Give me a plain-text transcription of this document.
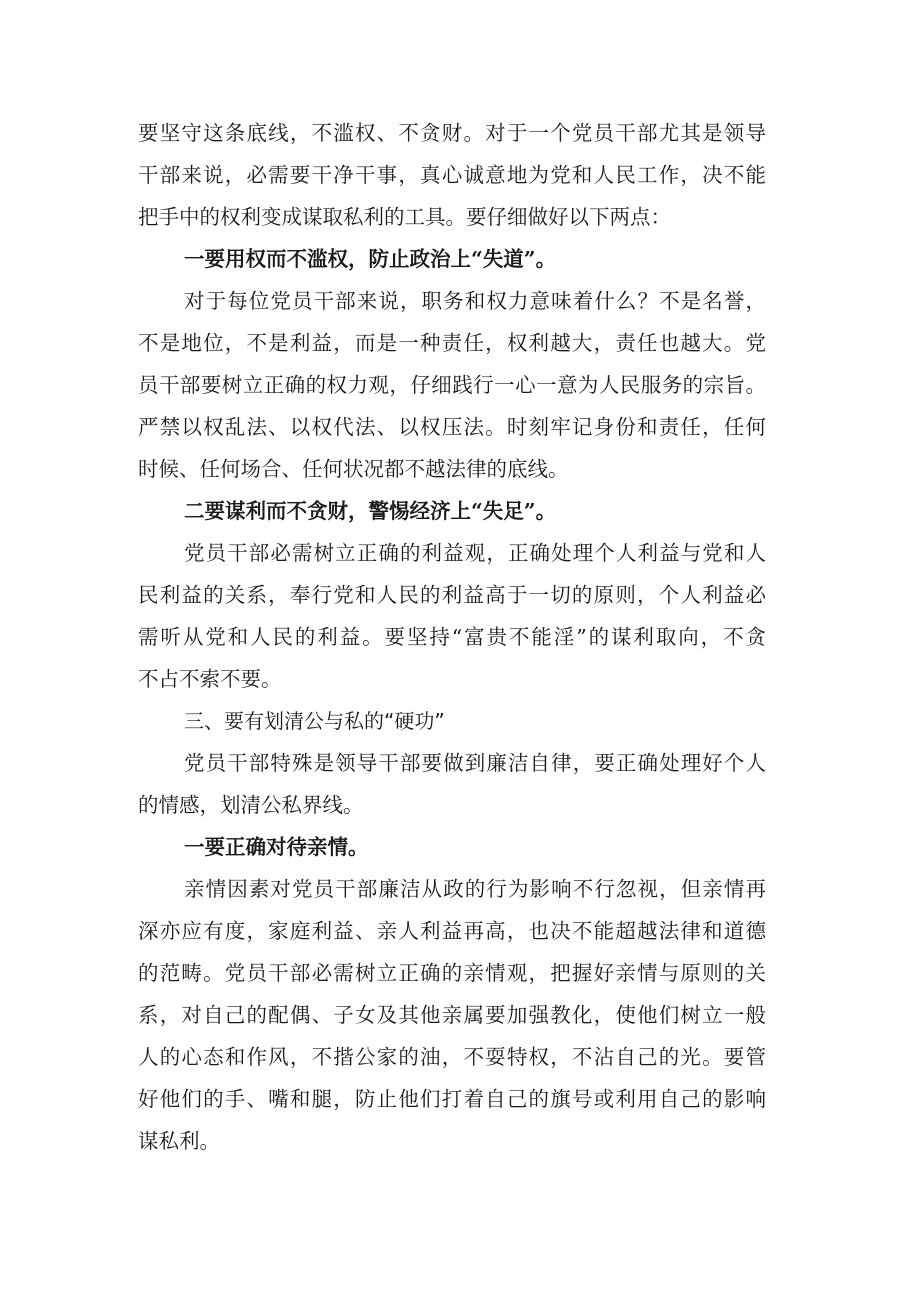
要坚守这条底线，不滥权、不贪财。对于一个党员干部尤其是领导
干部来说，必需要干净干事，真心诚意地为党和人民工作，决不能
把手中的权利变成谋取私利的工具。要仔细做好以下两点：
一要用权而不滥权，防止政治上“失道”。
对于每位党员干部来说，职务和权力意味着什么？不是名誉，
不是地位，不是利益，而是一种责任，权利越大，责任也越大。党
员干部要树立正确的权力观，仔细践行一心一意为人民服务的宗旨。
严禁以权乱法、以权代法、以权压法。时刻牢记身份和责任，任何
时候、任何场合、任何状况都不越法律的底线。
二要谋利而不贪财，警惕经济上“失足”。
党员干部必需树立正确的利益观，正确处理个人利益与党和人
民利益的关系，奉行党和人民的利益高于一切的原则，个人利益必
需听从党和人民的利益。要坚持“富贵不能淫”的谋利取向，不贪
不占不索不要。
三、要有划清公与私的“硬功”
党员干部特殊是领导干部要做到廉洁自律，要正确处理好个人
的情感，划清公私界线。
一要正确对待亲情。
亲情因素对党员干部廉洁从政的行为影响不行忽视，但亲情再
深亦应有度，家庭利益、亲人利益再高，也决不能超越法律和道德
的范畴。党员干部必需树立正确的亲情观，把握好亲情与原则的关
系，对自己的配偶、子女及其他亲属要加强教化，使他们树立一般
人的心态和作风，不揩公家的油，不耍特权，不沾自己的光。要管
好他们的手、嘴和腿，防止他们打着自己的旗号或利用自己的影响
谋私利。
